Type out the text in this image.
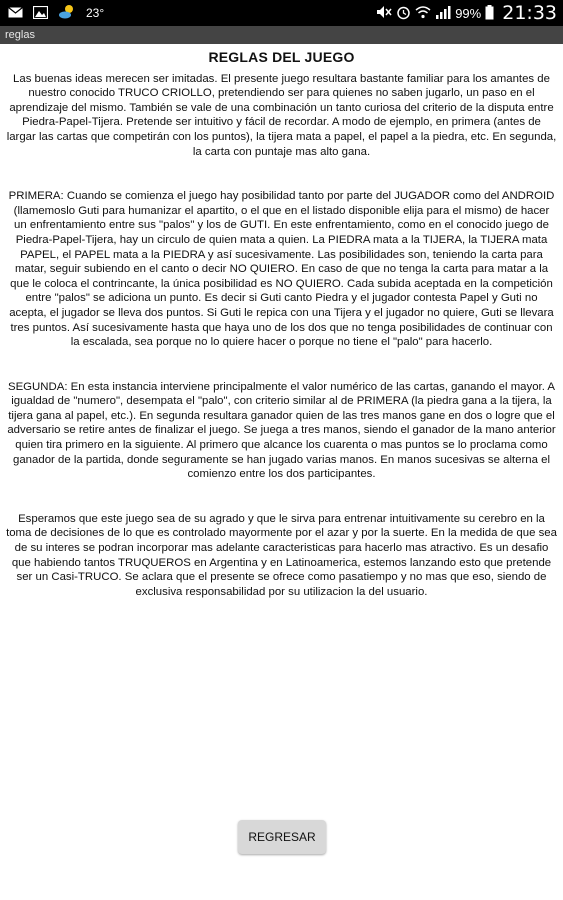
23°	99% 21:33
reglas
REGLAS DEL JUEGO

Las buenas ideas merecen ser imitadas. El presente juego resultara bastante familiar para los amantes de nuestro conocido TRUCO CRIOLLO, pretendiendo ser para quienes no saben jugarlo, un paso en el aprendizaje del mismo. También se vale de una combinación un tanto curiosa del criterio de la disputa entre Piedra-Papel-Tijera. Pretende ser intuitivo y fácil de recordar. A modo de ejemplo, en primera (antes de largar las cartas que competirán con los puntos), la tijera mata a papel, el papel a la piedra, etc. En segunda, la carta con puntaje mas alto gana.

PRIMERA: Cuando se comienza el juego hay posibilidad tanto por parte del JUGADOR como del ANDROID (llamemoslo Guti para humanizar el apartito, o el que en el listado disponible elija para el mismo) de hacer un enfrentamiento entre sus "palos" y los de GUTI. En este enfrentamiento, como en el conocido juego de Piedra-Papel-Tijera, hay un circulo de quien mata a quien. La PIEDRA mata a la TIJERA, la TIJERA mata PAPEL, el PAPEL mata a la PIEDRA y así sucesivamente. Las posibilidades son, teniendo la carta para matar, seguir subiendo en el canto o decir NO QUIERO. En caso de que no tenga la carta para matar a la que le coloca el contrincante, la única posibilidad es NO QUIERO. Cada subida aceptada en la competición entre "palos" se adiciona un punto. Es decir si Guti canto Piedra y el jugador contesta Papel y Guti no acepta, el jugador se lleva dos puntos. Si Guti le repica con una Tijera y el jugador no quiere, Guti se llevara tres puntos. Así sucesivamente hasta que haya uno de los dos que no tenga posibilidades de continuar con la escalada, sea porque no lo quiere hacer o porque no tiene el "palo" para hacerlo.

SEGUNDA: En esta instancia interviene principalmente el valor numérico de las cartas, ganando el mayor. A igualdad de "numero", desempata el "palo", con criterio similar al de PRIMERA (la piedra gana a la tijera, la tijera gana al papel, etc.). En segunda resultara ganador quien de las tres manos gane en dos o logre que el adversario se retire antes de finalizar el juego. Se juega a tres manos, siendo el ganador de la mano anterior quien tira primero en la siguiente. Al primero que alcance los cuarenta o mas puntos se lo proclama como ganador de la partida, donde seguramente se han jugado varias manos. En manos sucesivas se alterna el comienzo entre los dos participantes.

Esperamos que este juego sea de su agrado y que le sirva para entrenar intuitivamente su cerebro en la toma de decisiones de lo que es controlado mayormente por el azar y por la suerte. En la medida de que sea de su interes se podran incorporar mas adelante caracteristicas para hacerlo mas atractivo. Es un desafio que habiendo tantos TRUQUEROS en Argentina y en Latinoamerica, estemos lanzando esto que pretende ser un Casi-TRUCO. Se aclara que el presente se ofrece como pasatiempo y no mas que eso, siendo de exclusiva responsabilidad por su utilizacion la del usuario.

REGRESAR
